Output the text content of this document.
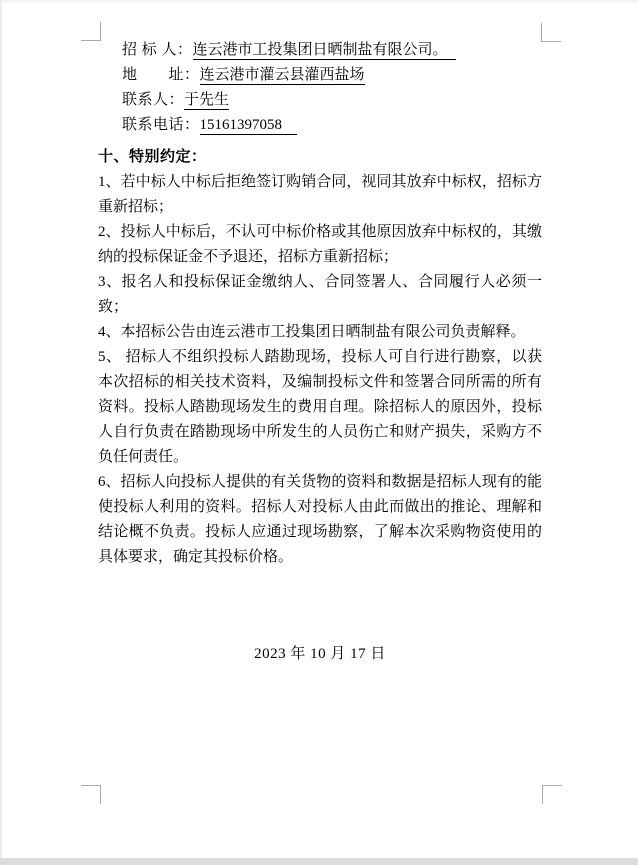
招 标 人：连云港市工投集团日晒制盐有限公司。
地　　址：连云港市灌云县灌西盐场
联系人：于先生
联系电话：15161397058
十、特别约定：

1、若中标人中标后拒绝签订购销合同，视同其放弃中标权，招标方重新招标；

2、投标人中标后，不认可中标价格或其他原因放弃中标权的，其缴纳的投标保证金不予退还，招标方重新招标；

3、报名人和投标保证金缴纳人、合同签署人、合同履行人必须一致；

4、本招标公告由连云港市工投集团日晒制盐有限公司负责解释。

5、 招标人不组织投标人踏勘现场，投标人可自行进行勘察，以获本次招标的相关技术资料，及编制投标文件和签署合同所需的所有资料。投标人踏勘现场发生的费用自理。除招标人的原因外，投标人自行负责在踏勘现场中所发生的人员伤亡和财产损失，采购方不负任何责任。

6、招标人向投标人提供的有关货物的资料和数据是招标人现有的能使投标人利用的资料。招标人对投标人由此而做出的推论、理解和结论概不负责。投标人应通过现场勘察，了解本次采购物资使用的具体要求，确定其投标价格。

2023 年 10 月 17 日
